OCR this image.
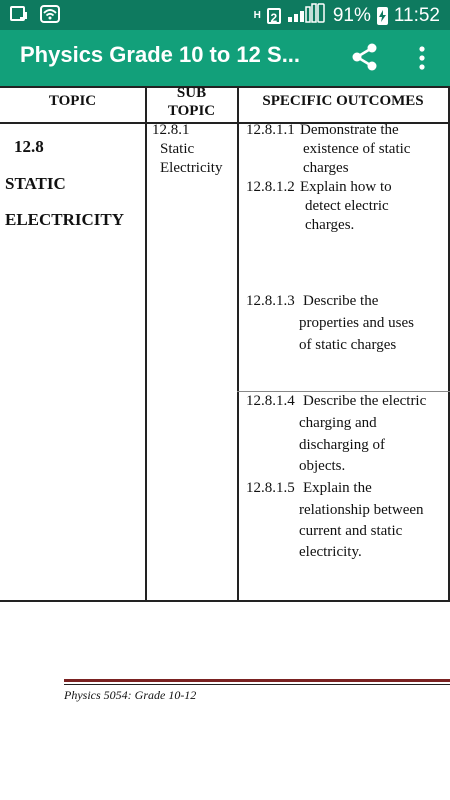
H 2	91% 11:52
Physics Grade 10 to 12 S...
TOPIC	SUB
TOPIC
SPECIFIC OUTCOMES
12.8
STATIC
ELECTRICITY
12.8.1
Static
Electricity
12.8.1.1 Demonstrate the
existence of static
charges
12.8.1.2 Explain how to
detect electric
charges.
12.8.1.3 Describe the
properties and uses
of static charges
12.8.1.4 Describe the electric
charging and
discharging of
objects.
12.8.1.5 Explain the
relationship between
current and static
electricity.
Physics 5054: Grade 10-12
